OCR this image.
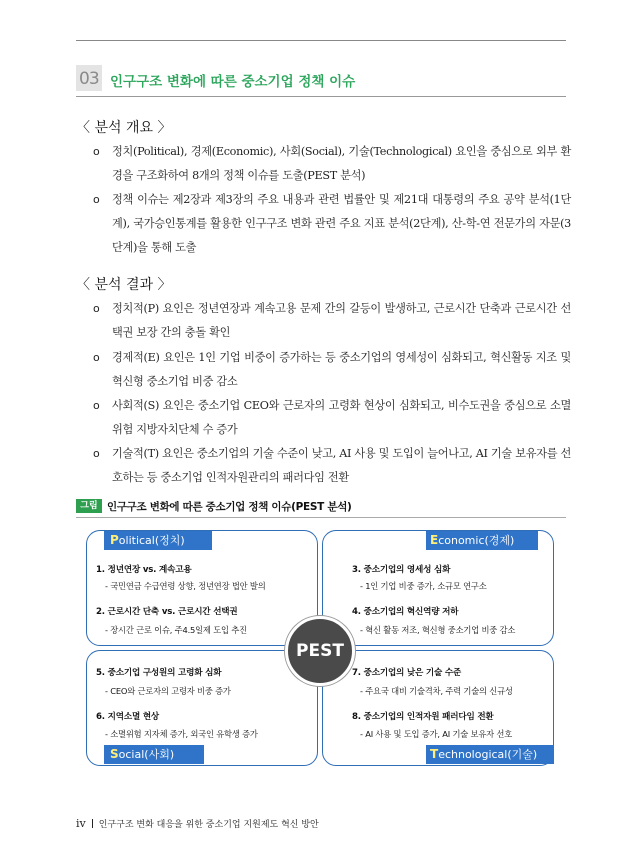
03 인구구조 변화에 따른 중소기업 정책 이슈
〈 분석 개요 〉
o	정치(Political), 경제(Economic), 사회(Social), 기술(Technological) 요인을 중심으로 외부 환경을 구조화하여 8개의 정책 이슈를 도출(PEST 분석)
o	정책 이슈는 제2장과 제3장의 주요 내용과 관련 법률안 및 제21대 대통령의 주요 공약 분석(1단계), 국가승인통계를 활용한 인구구조 변화 관련 주요 지표 분석(2단계), 산-학-연 전문가의 자문(3단계)을 통해 도출
〈 분석 결과 〉
o	정치적(P) 요인은 정년연장과 계속고용 문제 간의 갈등이 발생하고, 근로시간 단축과 근로시간 선택권 보장 간의 충돌 확인
o	경제적(E) 요인은 1인 기업 비중이 증가하는 등 중소기업의 영세성이 심화되고, 혁신활동 지조 및 혁신형 중소기업 비중 감소
o	사회적(S) 요인은 중소기업 CEO와 근로자의 고령화 현상이 심화되고, 비수도권을 중심으로 소멸위험 지방자치단체 수 증가
o	기술적(T) 요인은 중소기업의 기술 수준이 낮고, AI 사용 및 도입이 늘어나고, AI 기술 보유자를 선호하는 등 중소기업 인적자원관리의 패러다임 전환
그림 인구구조 변화에 따른 중소기업 정책 이슈(PEST 분석)
Political(정치)	Economic(경제)
Social(사회)	Technological(기술)
1. 정년연장 vs. 계속고용
- 국민연금 수급연령 상향, 정년연장 법안 발의
2. 근로시간 단축 vs. 근로시간 선택권
- 장시간 근로 이슈, 주4.5일제 도입 추진
3. 중소기업의 영세성 심화
- 1인 기업 비중 증가, 소규모 연구소
4. 중소기업의 혁신역량 저하
- 혁신 활동 저조, 혁신형 중소기업 비중 감소
5. 중소기업 구성원의 고령화 심화
- CEO와 근로자의 고령자 비중 증가
6. 지역소멸 현상
- 소멸위험 지자체 증가, 외국인 유학생 증가
7. 중소기업의 낮은 기술 수준
- 주요국 대비 기술격차, 주력 기술의 신규성
8. 중소기업의 인적자원 패러다임 전환
- AI 사용 및 도입 증가, AI 기술 보유자 선호
PEST
iv 인구구조 변화 대응을 위한 중소기업 지원제도 혁신 방안
